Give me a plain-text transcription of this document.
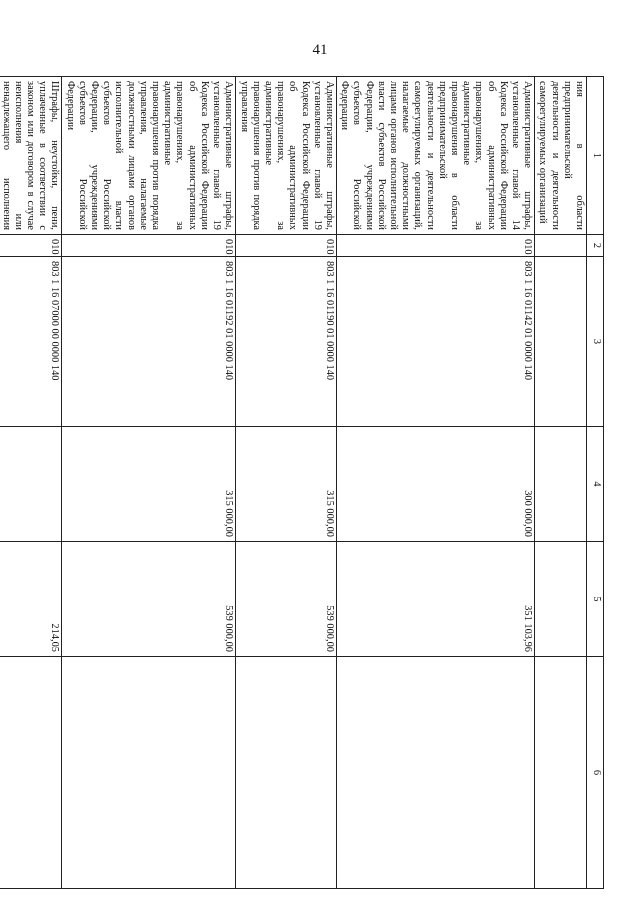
41
1	2	3	4	5	6
ния в области предпринимательской деятельности и деятельности саморегулируемых организаций					
Административные штрафы, установленные главой 14 Кодекса Российской Федерации об административных правонарушениях, за административные правонарушения в области предпринимательской деятельности и деятельности саморегулируемых организаций, налагаемые должностными лицами органов исполнительной власти субъектов Российской Федерации, учреждениями субъектов Российской Федерации	010	803 1 16 01142 01 0000 140	300 000,00	351 103,96	
Административные штрафы, установленные главой 19 Кодекса Российской Федерации об административных правонарушениях, за административные правонарушения против порядка управления	010	803 1 16 01190 01 0000 140	315 000,00	539 000,00	
Административные штрафы, установленные главой 19 Кодекса Российской Федерации об административных правонарушениях, за административные правонарушения против порядка управления, налагаемые должностными лицами органов исполнительной власти субъектов Российской Федерации, учреждениями субъектов Российской Федерации	010	803 1 16 01192 01 0000 140	315 000,00	539 000,00	
Штрафы, неустойки, пени, уплаченные в соответствии с законом или договором в случае неисполнения или ненадлежащего исполнения	010	803 1 16 07000 00 0000 140		214,05	
